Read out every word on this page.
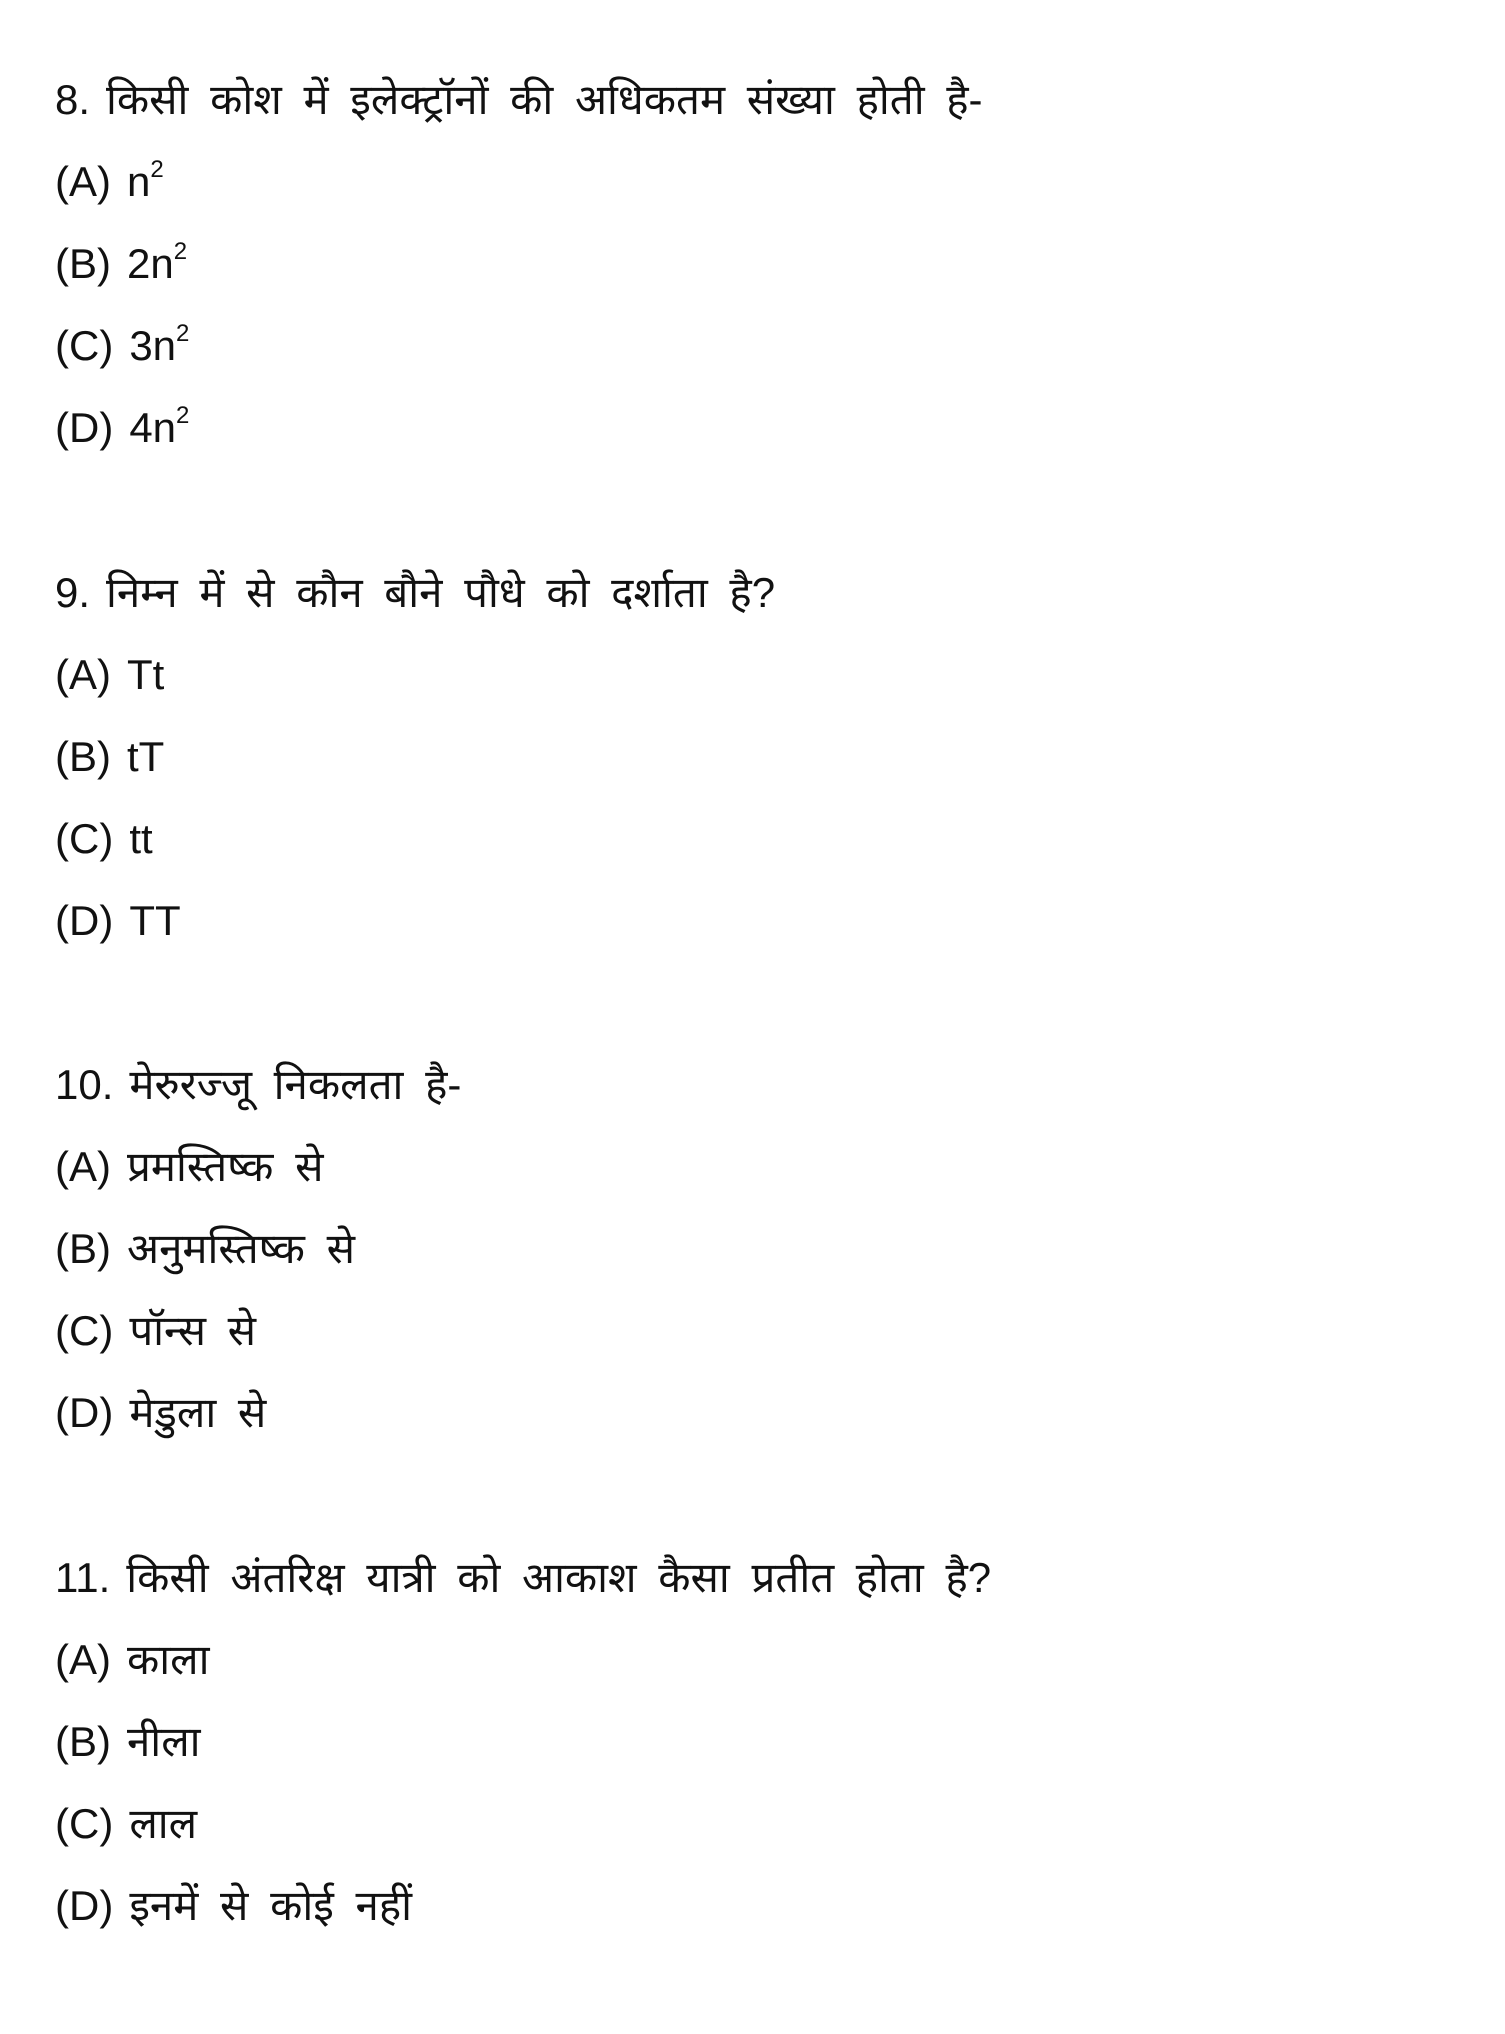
8. किसी कोश में इलेक्ट्रॉनों की अधिकतम संख्या होती है-
(A) $n^2$
(B) $2n^2$
(C) $3n^2$
(D) $4n^2$
9. निम्न में से कौन बौने पौधे को दर्शाता है?
(A) Tt
(B) tT
(C) tt
(D) TT
10. मेरुरज्जू निकलता है-
(A) प्रमस्तिष्क से
(B) अनुमस्तिष्क से
(C) पॉन्स से
(D) मेडुला से
11. किसी अंतरिक्ष यात्री को आकाश कैसा प्रतीत होता है?
(A) काला
(B) नीला
(C) लाल
(D) इनमें से कोई नहीं
